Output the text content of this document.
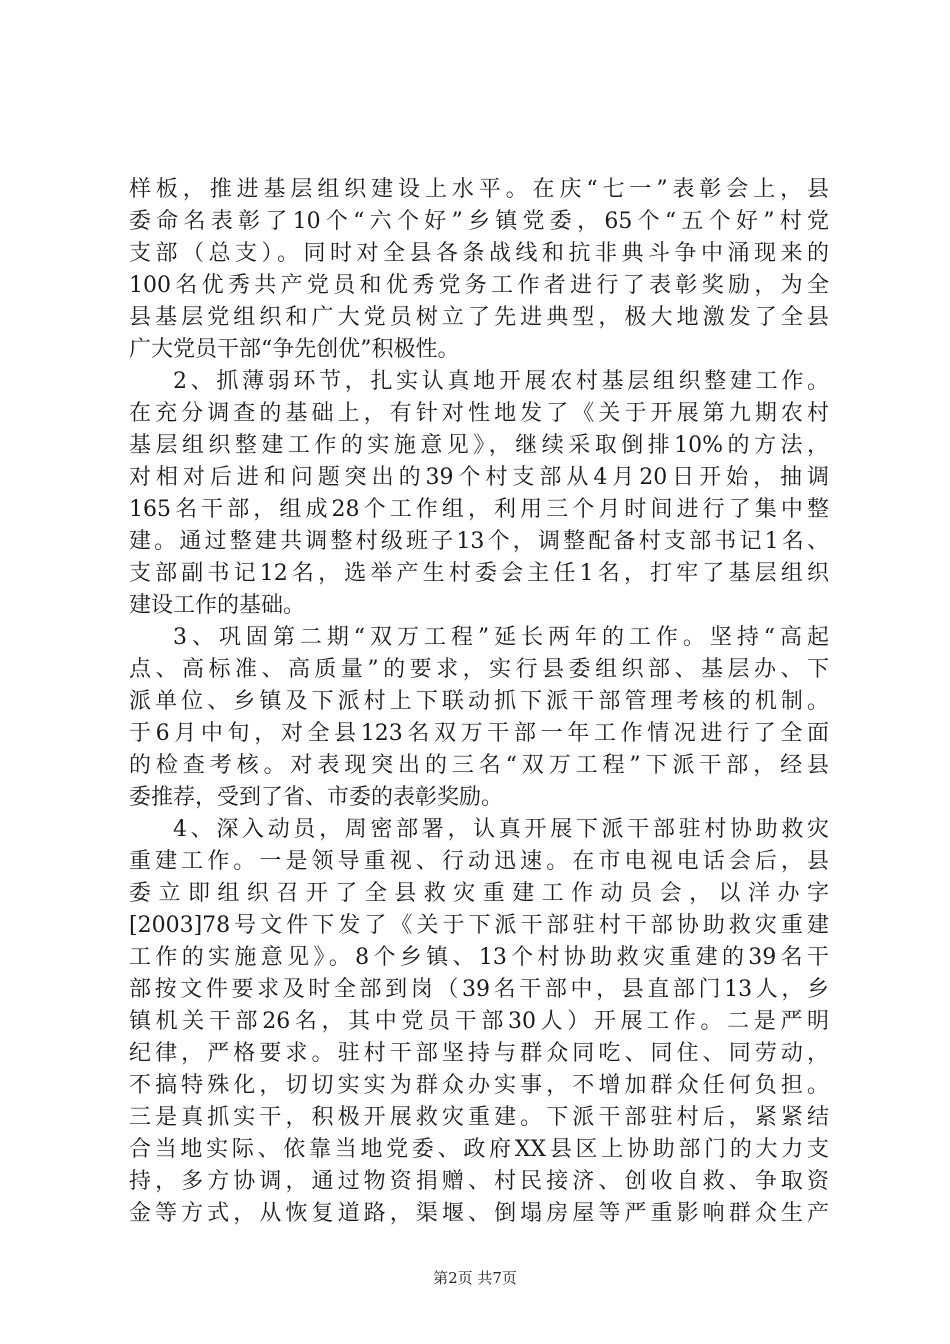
样板，推进基层组织建设上水平。在庆“七一”表彰会上，县
委命名表彰了10个“六个好”乡镇党委，65个“五个好”村党
支部（总支）。同时对全县各条战线和抗非典斗争中涌现来的
100名优秀共产党员和优秀党务工作者进行了表彰奖励，为全
县基层党组织和广大党员树立了先进典型，极大地激发了全县
广大党员干部“争先创优”积极性。
2、抓薄弱环节，扎实认真地开展农村基层组织整建工作。
在充分调查的基础上，有针对性地发了《关于开展第九期农村
基层组织整建工作的实施意见》，继续采取倒排10%的方法，
对相对后进和问题突出的39个村支部从4月20日开始，抽调
165名干部，组成28个工作组，利用三个月时间进行了集中整
建。通过整建共调整村级班子13个，调整配备村支部书记1名、
支部副书记12名，选举产生村委会主任1名，打牢了基层组织
建设工作的基础。
3、巩固第二期“双万工程”延长两年的工作。坚持“高起
点、高标准、高质量”的要求，实行县委组织部、基层办、下
派单位、乡镇及下派村上下联动抓下派干部管理考核的机制。
于6月中旬，对全县123名双万干部一年工作情况进行了全面
的检查考核。对表现突出的三名“双万工程”下派干部，经县
委推荐，受到了省、市委的表彰奖励。
4、深入动员，周密部署，认真开展下派干部驻村协助救灾
重建工作。一是领导重视、行动迅速。在市电视电话会后，县
委立即组织召开了全县救灾重建工作动员会，以洋办字
[2003]78号文件下发了《关于下派干部驻村干部协助救灾重建
工作的实施意见》。8个乡镇、13个村协助救灾重建的39名干
部按文件要求及时全部到岗（39名干部中，县直部门13人，乡
镇机关干部26名，其中党员干部30人）开展工作。二是严明
纪律，严格要求。驻村干部坚持与群众同吃、同住、同劳动，
不搞特殊化，切切实实为群众办实事，不增加群众任何负担。
三是真抓实干，积极开展救灾重建。下派干部驻村后，紧紧结
合当地实际、依靠当地党委、政府XX县区上协助部门的大力支
持，多方协调，通过物资捐赠、村民接济、创收自救、争取资
金等方式，从恢复道路，渠堰、倒塌房屋等严重影响群众生产
第2页 共7页
